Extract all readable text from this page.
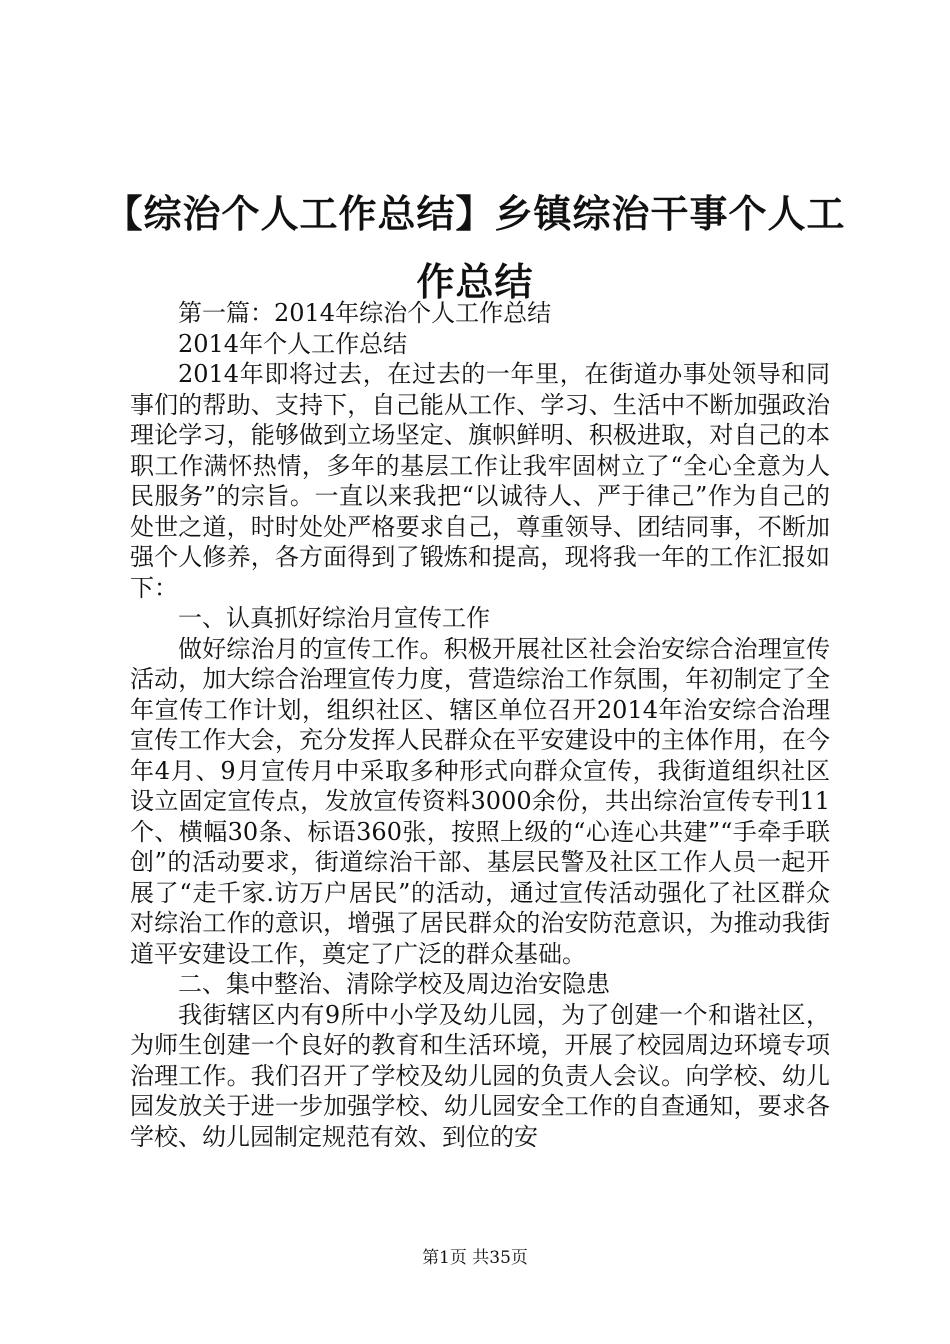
【综治个人工作总结】乡镇综治干事个人工作总结

第一篇：2014年综治个人工作总结

2014年个人工作总结

2014年即将过去，在过去的一年里，在街道办事处领导和同事们的帮助、支持下，自己能从工作、学习、生活中不断加强政治理论学习，能够做到立场坚定、旗帜鲜明、积极进取，对自己的本职工作满怀热情，多年的基层工作让我牢固树立了“全心全意为人民服务”的宗旨。一直以来我把“以诚待人、严于律己”作为自己的处世之道，时时处处严格要求自己，尊重领导、团结同事，不断加强个人修养，各方面得到了锻炼和提高，现将我一年的工作汇报如下：

一、认真抓好综治月宣传工作

做好综治月的宣传工作。积极开展社区社会治安综合治理宣传活动，加大综合治理宣传力度，营造综治工作氛围，年初制定了全年宣传工作计划，组织社区、辖区单位召开2014年治安综合治理宣传工作大会，充分发挥人民群众在平安建设中的主体作用，在今年4月、9月宣传月中采取多种形式向群众宣传，我街道组织社区设立固定宣传点，发放宣传资料3000余份，共出综治宣传专刊11个、横幅30条、标语360张，按照上级的“心连心共建”“手牵手联创”的活动要求，街道综治干部、基层民警及社区工作人员一起开展了“走千家.访万户居民”的活动，通过宣传活动强化了社区群众对综治工作的意识，增强了居民群众的治安防范意识，为推动我街道平安建设工作，奠定了广泛的群众基础。

二、集中整治、清除学校及周边治安隐患

我街辖区内有9所中小学及幼儿园，为了创建一个和谐社区，为师生创建一个良好的教育和生活环境，开展了校园周边环境专项治理工作。我们召开了学校及幼儿园的负责人会议。向学校、幼儿园发放关于进一步加强学校、幼儿园安全工作的自查通知，要求各学校、幼儿园制定规范有效、到位的安

第1页 共35页
